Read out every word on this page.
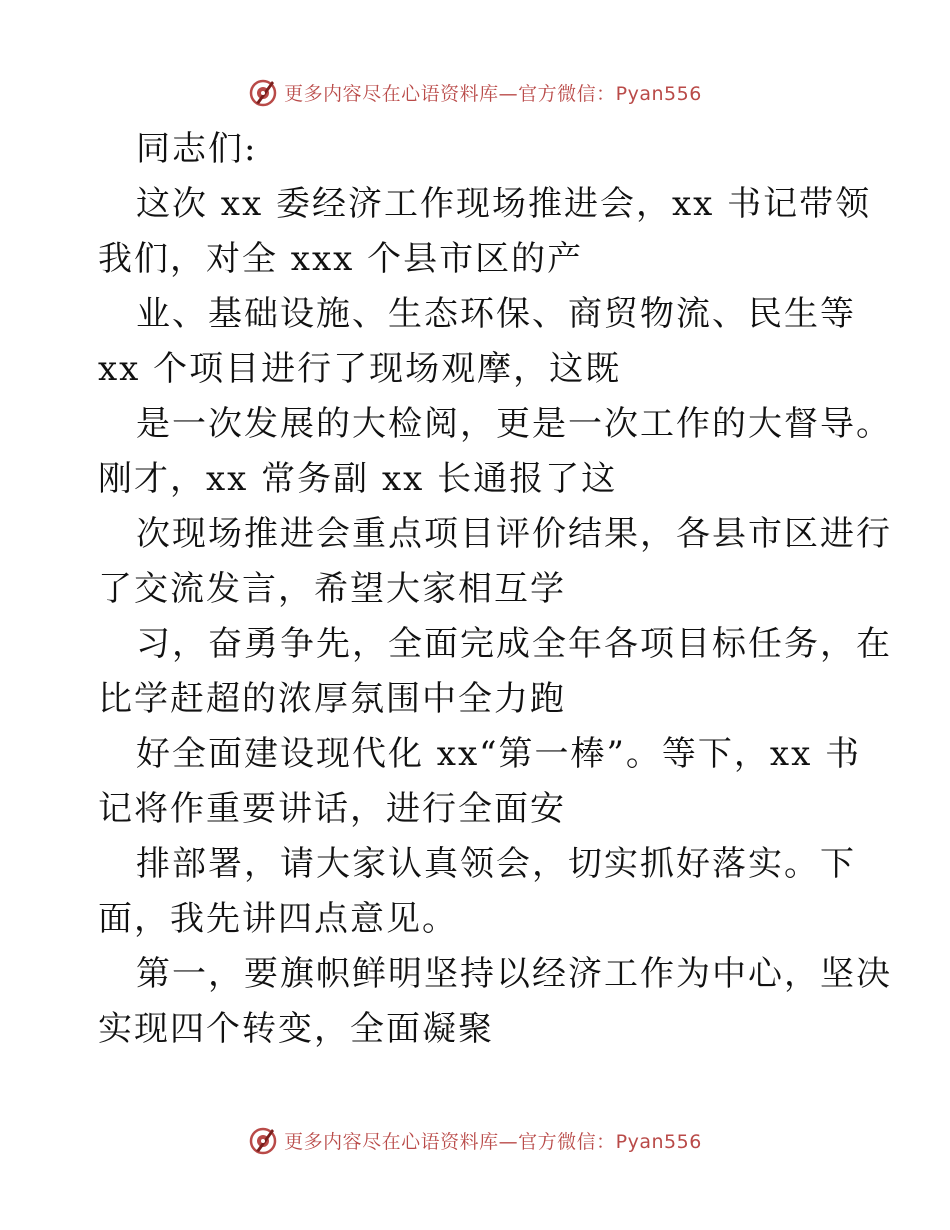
更多内容尽在心语资料库—官方微信：Pyan556
同志们:
这次 xx 委经济工作现场推进会，xx 书记带领
我们，对全 xxx 个县市区的产
业、基础设施、生态环保、商贸物流、民生等
xx 个项目进行了现场观摩，这既
是一次发展的大检阅，更是一次工作的大督导。
刚才，xx 常务副 xx 长通报了这
次现场推进会重点项目评价结果，各县市区进行
了交流发言，希望大家相互学
习，奋勇争先，全面完成全年各项目标任务，在
比学赶超的浓厚氛围中全力跑
好全面建设现代化 xx“第一棒”。等下，xx 书
记将作重要讲话，进行全面安
排部署，请大家认真领会，切实抓好落实。下
面，我先讲四点意见。
第一，要旗帜鲜明坚持以经济工作为中心，坚决
实现四个转变，全面凝聚
更多内容尽在心语资料库—官方微信：Pyan556
